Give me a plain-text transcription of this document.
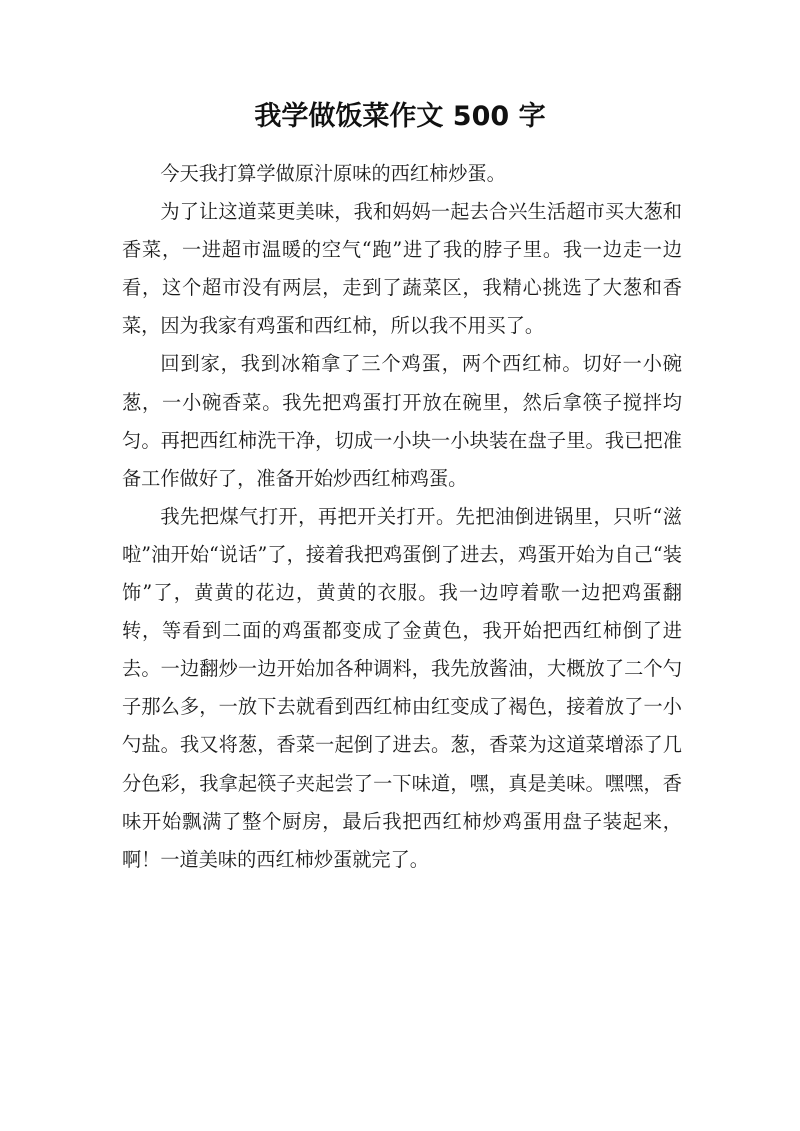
我学做饭菜作文 500 字

今天我打算学做原汁原味的西红柿炒蛋。

为了让这道菜更美味，我和妈妈一起去合兴生活超市买大葱和香菜，一进超市温暖的空气“跑”进了我的脖子里。我一边走一边看，这个超市没有两层，走到了蔬菜区，我精心挑选了大葱和香菜，因为我家有鸡蛋和西红柿，所以我不用买了。

回到家，我到冰箱拿了三个鸡蛋，两个西红柿。切好一小碗葱，一小碗香菜。我先把鸡蛋打开放在碗里，然后拿筷子搅拌均匀。再把西红柿洗干净，切成一小块一小块装在盘子里。我已把准备工作做好了，准备开始炒西红柿鸡蛋。

我先把煤气打开，再把开关打开。先把油倒进锅里，只听“滋啦”油开始“说话”了，接着我把鸡蛋倒了进去，鸡蛋开始为自己“装饰”了，黄黄的花边，黄黄的衣服。我一边哼着歌一边把鸡蛋翻转，等看到二面的鸡蛋都变成了金黄色，我开始把西红柿倒了进去。一边翻炒一边开始加各种调料，我先放酱油，大概放了二个勺子那么多，一放下去就看到西红柿由红变成了褐色，接着放了一小勺盐。我又将葱，香菜一起倒了进去。葱，香菜为这道菜增添了几分色彩，我拿起筷子夹起尝了一下味道，嘿，真是美味。嘿嘿，香味开始飘满了整个厨房，最后我把西红柿炒鸡蛋用盘子装起来，啊！一道美味的西红柿炒蛋就完了。
